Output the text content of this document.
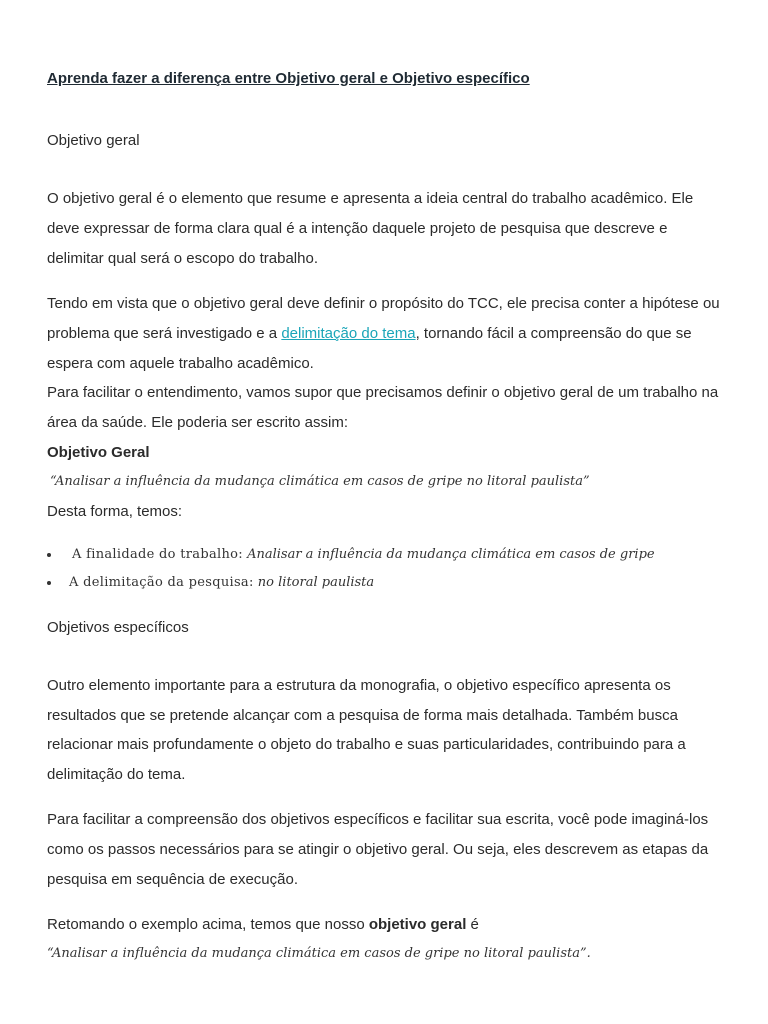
Aprenda fazer a diferença entre Objetivo geral e Objetivo específico
Objetivo geral

O objetivo geral é o elemento que resume e apresenta a ideia central do trabalho acadêmico. Ele deve expressar de forma clara qual é a intenção daquele projeto de pesquisa que descreve e delimitar qual será o escopo do trabalho.

Tendo em vista que o objetivo geral deve definir o propósito do TCC, ele precisa conter a hipótese ou problema que será investigado e a delimitação do tema, tornando fácil a compreensão do que se espera com aquele trabalho acadêmico.

Para facilitar o entendimento, vamos supor que precisamos definir o objetivo geral de um trabalho na área da saúde. Ele poderia ser escrito assim:

Objetivo Geral
“Analisar a influência da mudança climática em casos de gripe no litoral paulista”
Desta forma, temos:
A finalidade do trabalho: Analisar a influência da mudança climática em casos de gripe
A delimitação da pesquisa: no litoral paulista
Objetivos específicos

Outro elemento importante para a estrutura da monografia, o objetivo específico apresenta os resultados que se pretende alcançar com a pesquisa de forma mais detalhada. Também busca relacionar mais profundamente o objeto do trabalho e suas particularidades, contribuindo para a delimitação do tema.

Para facilitar a compreensão dos objetivos específicos e facilitar sua escrita, você pode imaginá-los como os passos necessários para se atingir o objetivo geral. Ou seja, eles descrevem as etapas da pesquisa em sequência de execução.

Retomando o exemplo acima, temos que nosso objetivo geral é

“Analisar a influência da mudança climática em casos de gripe no litoral paulista”.
